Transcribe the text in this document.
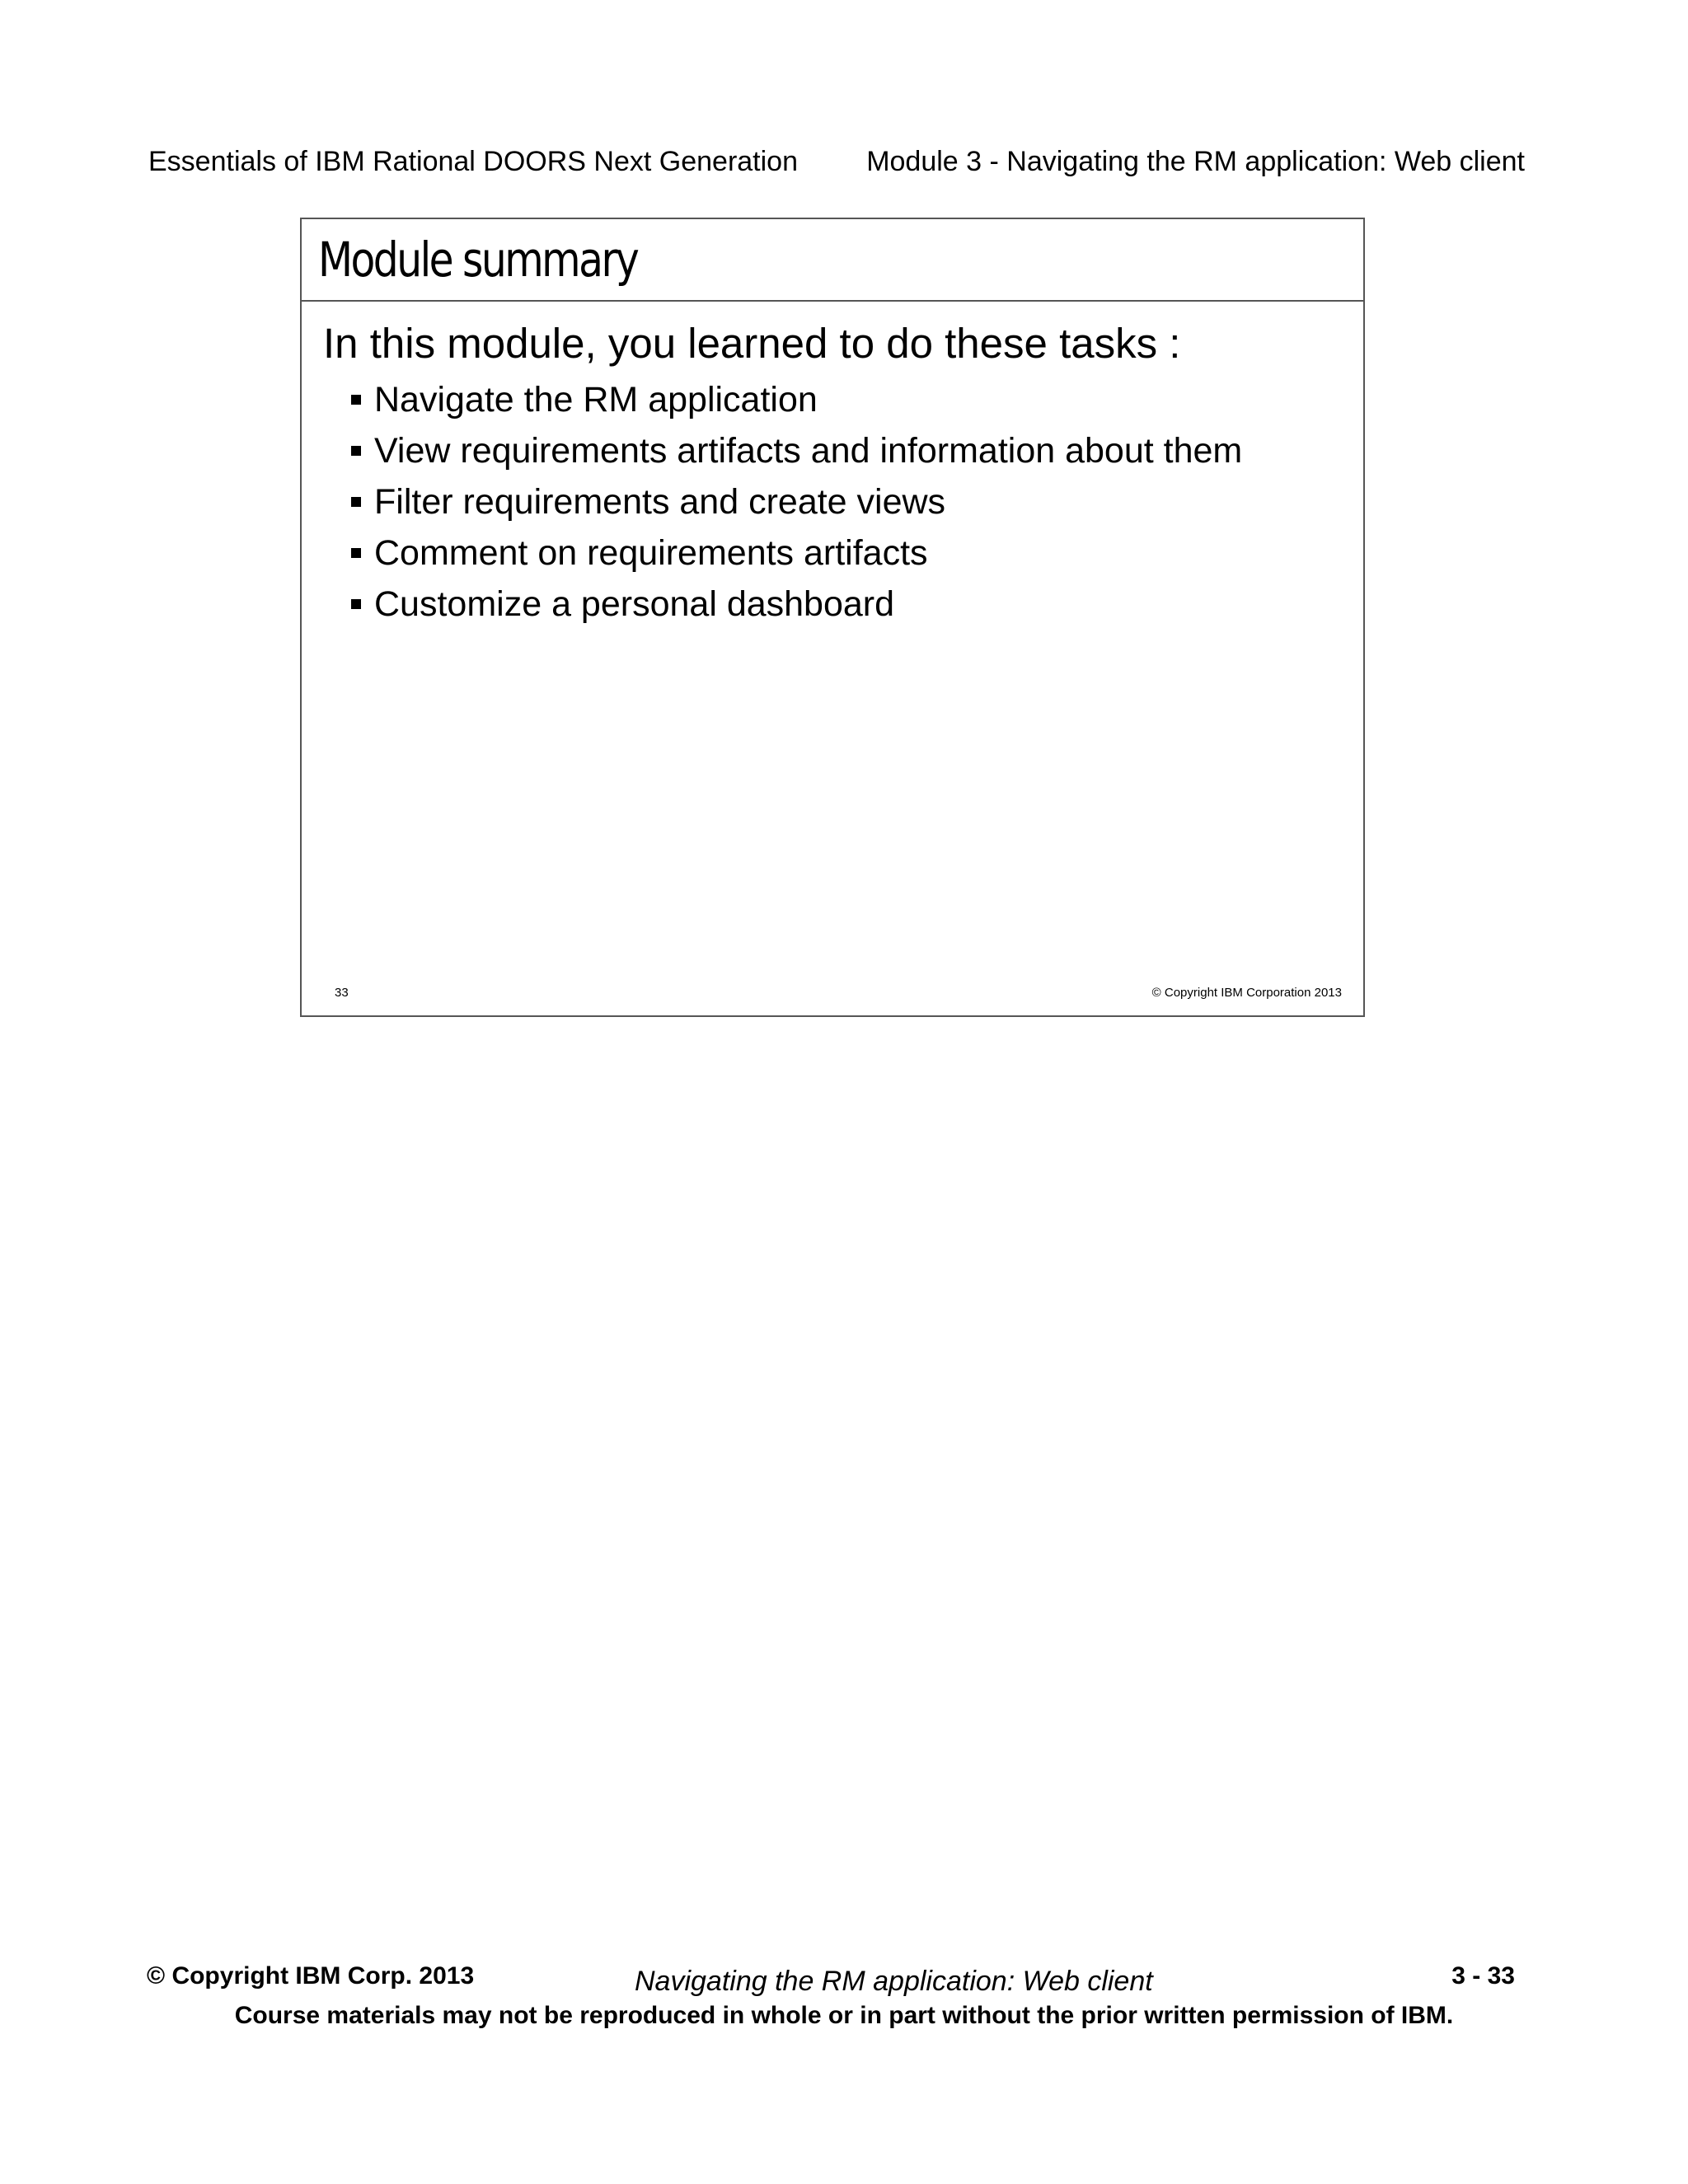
Essentials of IBM Rational DOORS Next Generation Module 3 - Navigating the RM application: Web client
Module summary
In this module, you learned to do these tasks :
Navigate the RM application
View requirements artifacts and information about them
Filter requirements and create views
Comment on requirements artifacts
Customize a personal dashboard
33	© Copyright IBM Corporation 2013
© Copyright IBM Corp. 2013	Navigating the RM application: Web client	3 - 33
Course materials may not be reproduced in whole or in part without the prior written permission of IBM.
